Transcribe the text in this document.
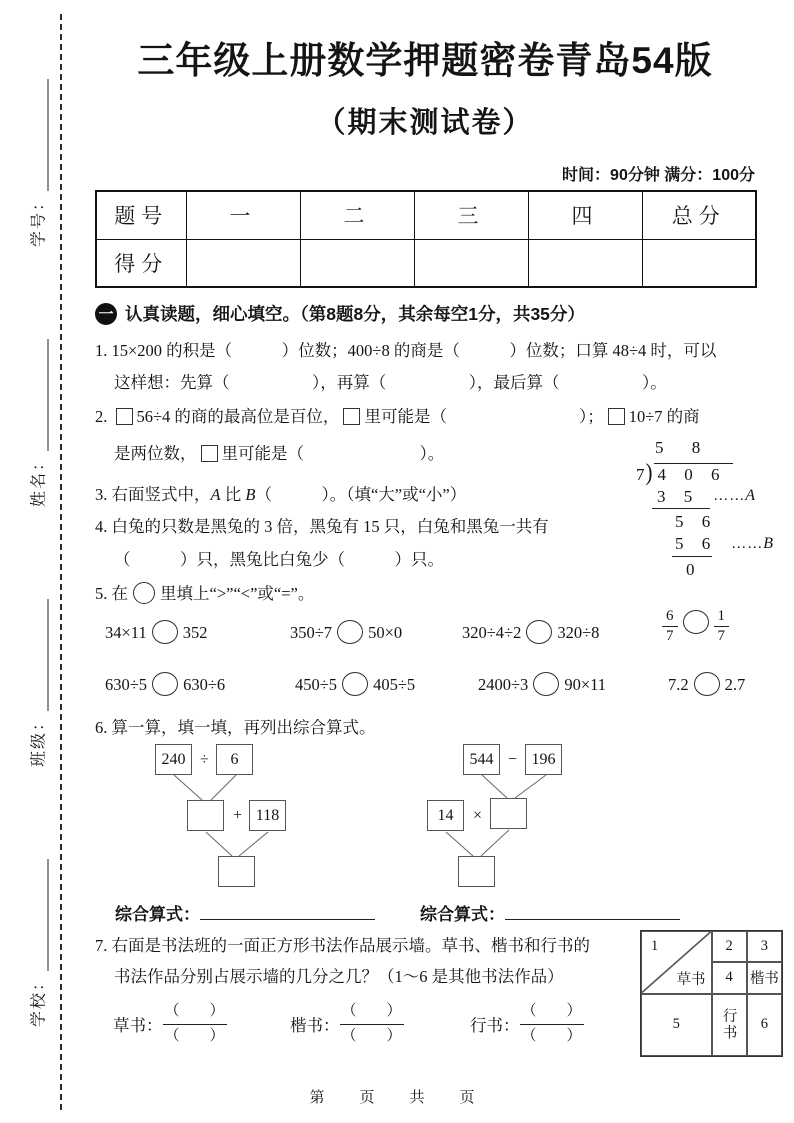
学号：
姓名：
班级：
学校：
三年级上册数学押题密卷青岛54版
（期末测试卷）
时间：90分钟 满分：100分
题号	一	二	三	四	总分
得分					
一 认真读题，细心填空。（第8题8分，其余每空1分，共35分）
1. 15×200 的积是（　　　）位数；400÷8 的商是（　　　）位数；口算 48÷4 时，可以
这样想：先算（　　　　　），再算（　　　　　），最后算（　　　　　）。
2. 56÷4 的商的最高位是百位， 里可能是（　　　　　　　　）； 10÷7 的商
是两位数， 里可能是（　　　　　　　）。
3. 右面竖式中，A 比 B（　　　）。（填“大”或“小”）
4. 白兔的只数是黑兔的 3 倍，黑兔有 15 只，白兔和黑兔一共有
（　　　）只，黑兔比白兔少（　　　）只。
5 8
7 ) 4 0 6
3 5 ……A
5 6
5 6 ……B
0
5. 在 里填上“>”“<”或“=”。
34×11 352	350÷7 50×0	320÷4÷2 320÷8	$\frac{6}{7} \frac{1}{7}$
630÷5 630÷6	450÷5 405÷5	2400÷3 90×11	7.2 2.7
6. 算一算，填一填，再列出综合算式。
240 ÷	6
+ 118
544 − 196
14	×
综合算式：	综合算式：
7. 右面是书法班的一面正方形书法作品展示墙。草书、楷书和行书的
书法作品分别占展示墙的几分之几？（1～6 是其他书法作品）
草书： $\frac{( )}{( )}$	楷书： $\frac{( )}{( )}$	行书： $\frac{( )}{( )}$
1
草书
2	3
4	楷书
5	行书	6
第　页　共　页
